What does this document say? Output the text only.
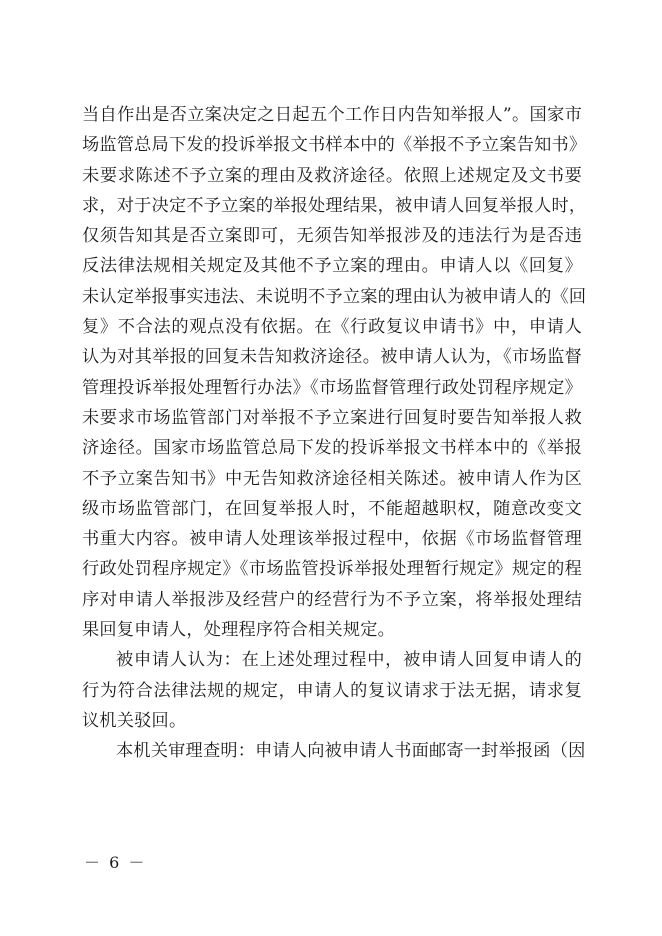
当自作出是否立案决定之日起五个工作日内告知举报人”。国家市
场监管总局下发的投诉举报文书样本中的《举报不予立案告知书》
未要求陈述不予立案的理由及救济途径。依照上述规定及文书要
求，对于决定不予立案的举报处理结果，被申请人回复举报人时，
仅须告知其是否立案即可，无须告知举报涉及的违法行为是否违
反法律法规相关规定及其他不予立案的理由。申请人以《回复》
未认定举报事实违法、未说明不予立案的理由认为被申请人的《回
复》不合法的观点没有依据。在《行政复议申请书》中，申请人
认为对其举报的回复未告知救济途径。被申请人认为，《市场监督
管理投诉举报处理暂行办法》《市场监督管理行政处罚程序规定》
未要求市场监管部门对举报不予立案进行回复时要告知举报人救
济途径。国家市场监管总局下发的投诉举报文书样本中的《举报
不予立案告知书》中无告知救济途径相关陈述。被申请人作为区
级市场监管部门，在回复举报人时，不能超越职权，随意改变文
书重大内容。被申请人处理该举报过程中，依据《市场监督管理
行政处罚程序规定》《市场监管投诉举报处理暂行规定》规定的程
序对申请人举报涉及经营户的经营行为不予立案，将举报处理结
果回复申请人，处理程序符合相关规定。
被申请人认为：在上述处理过程中，被申请人回复申请人的
行为符合法律法规的规定，申请人的复议请求于法无据，请求复
议机关驳回。
本机关审理查明：申请人向被申请人书面邮寄一封举报函（因
－ 6 －
